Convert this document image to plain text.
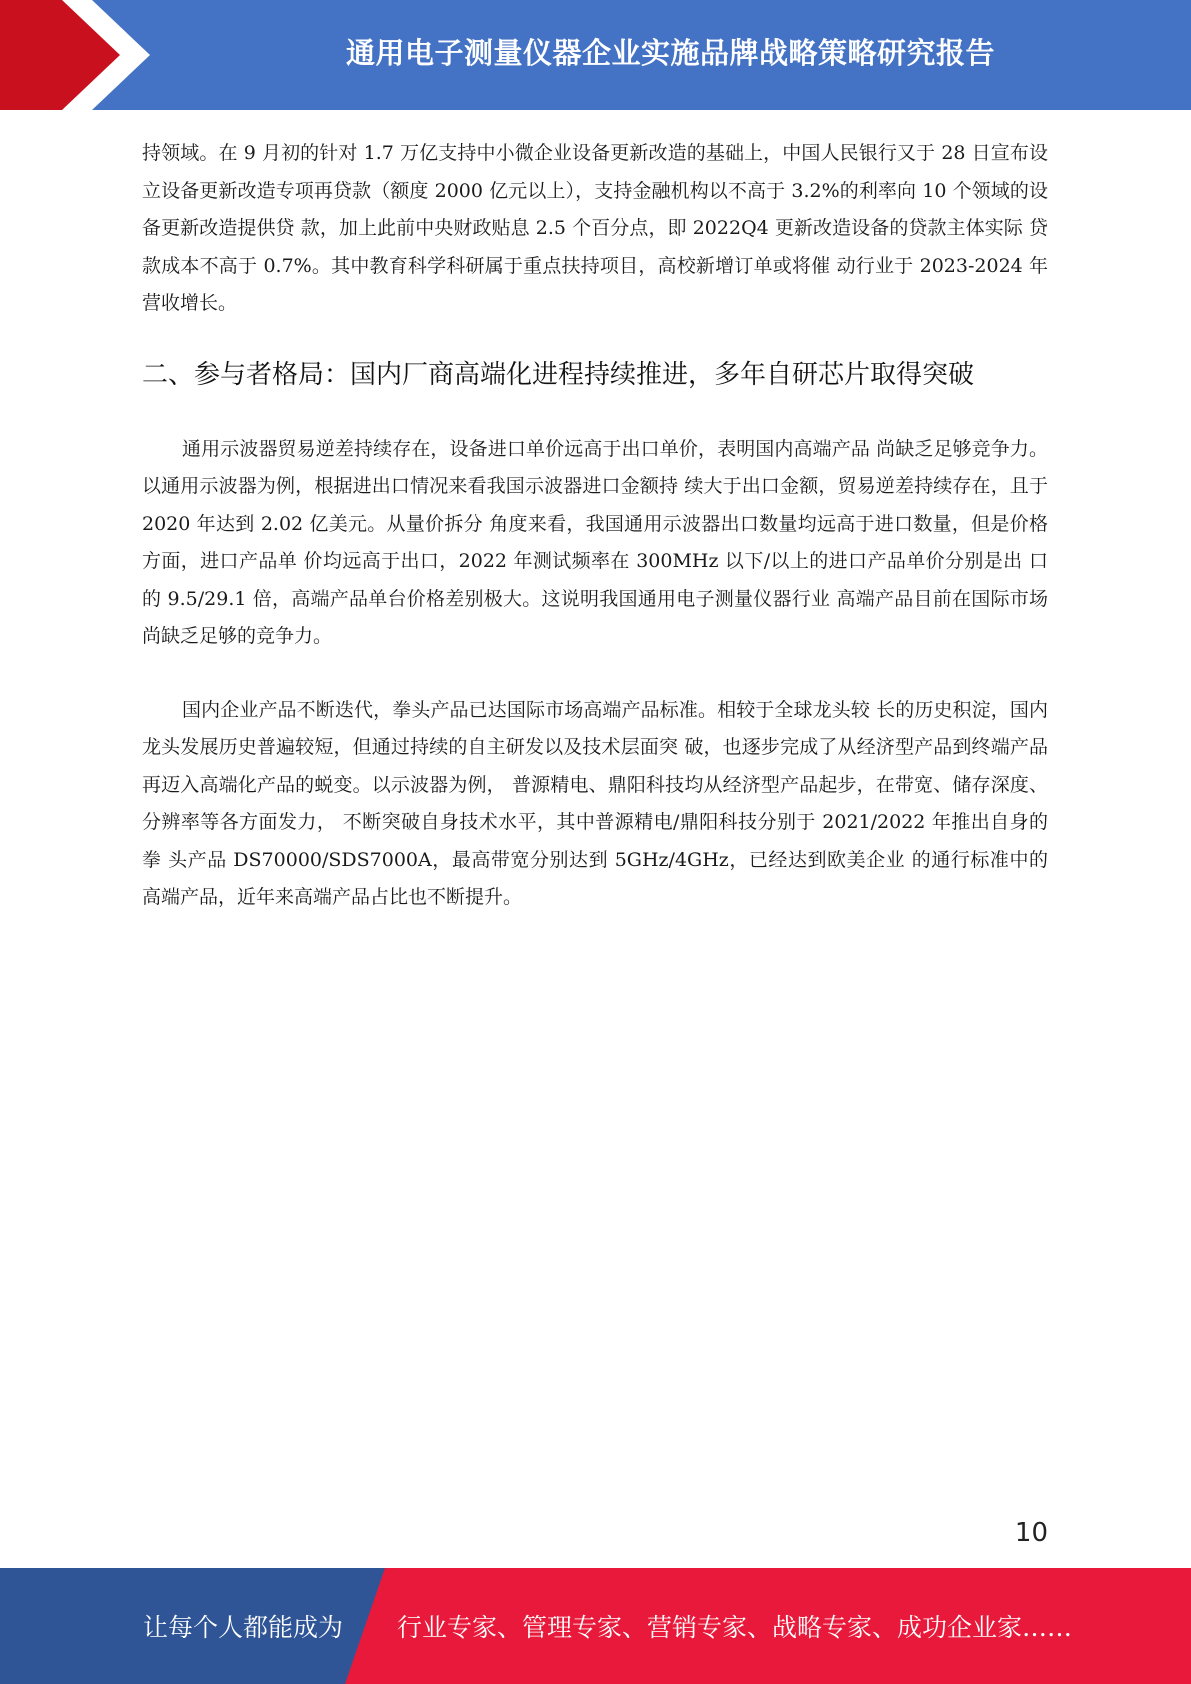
通用电子测量仪器企业实施品牌战略策略研究报告

持领域。在 9 月初的针对 1.7 万亿支持中小微企业设备更新改造的基础上，中国人民银行又于 28 日宣布设立设备更新改造专项再贷款（额度 2000 亿元以上），支持金融机构以不高于 3.2%的利率向 10 个领域的设备更新改造提供贷 款，加上此前中央财政贴息 2.5 个百分点，即 2022Q4 更新改造设备的贷款主体实际 贷款成本不高于 0.7%。其中教育科学科研属于重点扶持项目，高校新增订单或将催 动行业于 2023-2024 年营收增长。

二、参与者格局：国内厂商高端化进程持续推进，多年自研芯片取得突破

通用示波器贸易逆差持续存在，设备进口单价远高于出口单价，表明国内高端产品 尚缺乏足够竞争力。以通用示波器为例，根据进出口情况来看我国示波器进口金额持 续大于出口金额，贸易逆差持续存在，且于 2020 年达到 2.02 亿美元。从量价拆分 角度来看，我国通用示波器出口数量均远高于进口数量，但是价格方面，进口产品单 价均远高于出口，2022 年测试频率在 300MHz 以下/以上的进口产品单价分别是出 口的 9.5/29.1 倍，高端产品单台价格差别极大。这说明我国通用电子测量仪器行业 高端产品目前在国际市场尚缺乏足够的竞争力。

国内企业产品不断迭代，拳头产品已达国际市场高端产品标准。相较于全球龙头较 长的历史积淀，国内龙头发展历史普遍较短，但通过持续的自主研发以及技术层面突 破，也逐步完成了从经济型产品到终端产品再迈入高端化产品的蜕变。以示波器为例， 普源精电、鼎阳科技均从经济型产品起步，在带宽、储存深度、分辨率等各方面发力， 不断突破自身技术水平，其中普源精电/鼎阳科技分别于 2021/2022 年推出自身的拳 头产品 DS70000/SDS7000A，最高带宽分别达到 5GHz/4GHz，已经达到欧美企业 的通行标准中的高端产品，近年来高端产品占比也不断提升。

10
让每个人都能成为 行业专家、管理专家、营销专家、战略专家、成功企业家……
